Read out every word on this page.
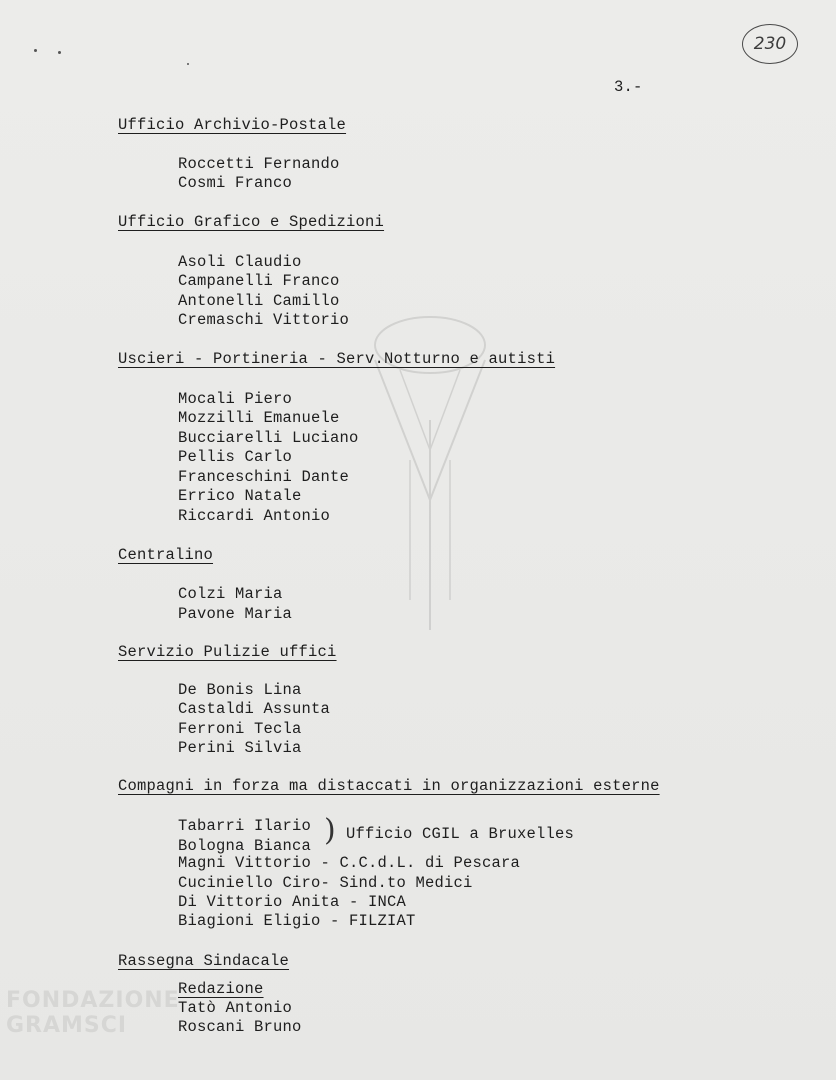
230
3.-
Ufficio Archivio-Postale
Roccetti Fernando
Cosmi Franco
Ufficio Grafico e Spedizioni
Asoli Claudio
Campanelli Franco
Antonelli Camillo
Cremaschi Vittorio
Uscieri - Portineria - Serv.Notturno e autisti
Mocali Piero
Mozzilli Emanuele
Bucciarelli Luciano
Pellis Carlo
Franceschini Dante
Errico Natale
Riccardi Antonio
Centralino
Colzi Maria
Pavone Maria
Servizio Pulizie uffici
De Bonis Lina
Castaldi Assunta
Ferroni Tecla
Perini Silvia
Compagni in forza ma distaccati in organizzazioni esterne
Tabarri Ilario
Bologna Bianca ) Ufficio CGIL a Bruxelles
Magni Vittorio - C.C.d.L. di Pescara
Cuciniello Ciro- Sind.to Medici
Di Vittorio Anita - INCA
Biagioni Eligio - FILZIAT
Rassegna Sindacale
Redazione
Tatò Antonio
Roscani Bruno
FONDAZIONE GRAMSCI
